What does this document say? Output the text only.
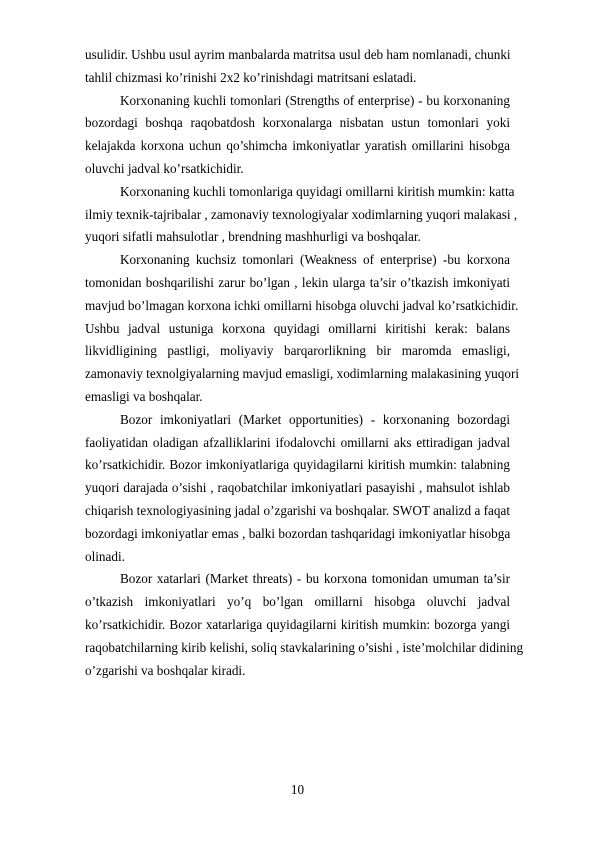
usulidir. Ushbu usul ayrim manbalarda matritsa usul deb ham nomlanadi, chunki
tahlil chizmasi ko’rinishi 2x2 ko’rinishdagi matritsani eslatadi.

Korxonaning kuchli tomonlari (Strengths of enterprise) - bu korxonaning
bozordagi boshqa raqobatdosh korxonalarga nisbatan ustun tomonlari yoki
kelajakda korxona uchun qo’shimcha imkoniyatlar yaratish omillarini hisobga
oluvchi jadval ko’rsatkichidir.

Korxonaning kuchli tomonlariga quyidagi omillarni kiritish mumkin: katta
ilmiy texnik-tajribalar , zamonaviy texnologiyalar xodimlarning yuqori malakasi ,
yuqori sifatli mahsulotlar , brendning mashhurligi va boshqalar.

Korxonaning kuchsiz tomonlari (Weakness of enterprise) -bu korxona
tomonidan boshqarilishi zarur bo’lgan , lekin ularga ta’sir o’tkazish imkoniyati
mavjud bo’lmagan korxona ichki omillarni hisobga oluvchi jadval ko’rsatkichidir.
Ushbu jadval ustuniga korxona quyidagi omillarni kiritishi kerak: balans
likvidligining pastligi, moliyaviy barqarorlikning bir maromda emasligi,
zamonaviy texnolgiyalarning mavjud emasligi, xodimlarning malakasining yuqori
emasligi va boshqalar.

Bozor imkoniyatlari (Market opportunities) - korxonaning bozordagi
faoliyatidan oladigan afzalliklarini ifodalovchi omillarni aks ettiradigan jadval
ko’rsatkichidir. Bozor imkoniyatlariga quyidagilarni kiritish mumkin: talabning
yuqori darajada o’sishi , raqobatchilar imkoniyatlari pasayishi , mahsulot ishlab
chiqarish texnologiyasining jadal o’zgarishi va boshqalar. SWOT analizd a faqat
bozordagi imkoniyatlar emas , balki bozordan tashqaridagi imkoniyatlar hisobga
olinadi.

Bozor xatarlari (Market threats) - bu korxona tomonidan umuman ta’sir
o’tkazish imkoniyatlari yo’q bo’lgan omillarni hisobga oluvchi jadval
ko’rsatkichidir. Bozor xatarlariga quyidagilarni kiritish mumkin: bozorga yangi
raqobatchilarning kirib kelishi, soliq stavkalarining o’sishi , iste’molchilar didining
o’zgarishi va boshqalar kiradi.

10
